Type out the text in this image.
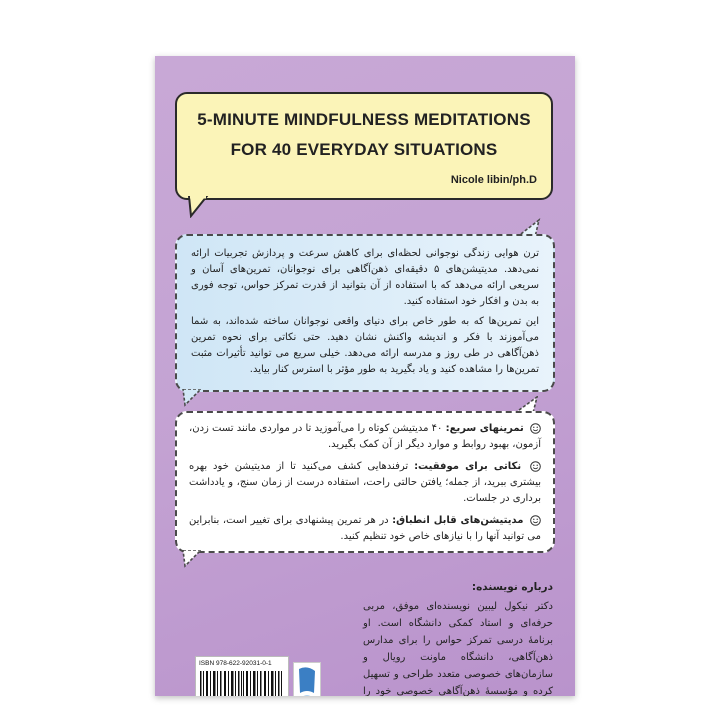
5-MINUTE MINDFULNESS MEDITATIONS
FOR 40 EVERYDAY SITUATIONS
Nicole libin/ph.D

ترن هوایی زندگی نوجوانی لحظه‌ای برای کاهش سرعت و پردازش تجربیات ارائه نمی‌دهد. مدیتیشن‌های ۵ دقیقه‌ای ذهن‌آگاهی برای نوجوانان، تمرین‌های آسان و سریعی ارائه می‌دهد که با استفاده از آن بتوانید از قدرت تمرکز حواس، توجه فوری به بدن و افکار خود استفاده کنید.

این تمرین‌ها که به طور خاص برای دنیای واقعی نوجوانان ساخته شده‌اند، به شما می‌آموزند با فکر و اندیشه واکنش نشان دهید. حتی نکاتی برای نحوه تمرین ذهن‌آگاهی در طی روز و مدرسه ارائه می‌دهد. خیلی سریع می توانید تأثیرات مثبت تمرین‌ها را مشاهده کنید و یاد بگیرید به طور مؤثر با استرس کنار بیاید.

تمرینهای سریع: ۴۰ مدیتیشن کوتاه را می‌آموزید تا در مواردی مانند تست زدن، آزمون، بهبود روابط و موارد دیگر از آن کمک بگیرید.

نکاتی برای موفقیت: ترفندهایی کشف می‌کنید تا از مدیتیشن خود بهره بیشتری ببرید، از جمله؛ یافتن حالتی راحت، استفاده درست از زمان سنج، و یادداشت برداری در جلسات.

مدیتیشن‌های قابل انطباق: در هر تمرین پیشنهادی برای تغییر است، بنابراین می توانید آنها را با نیازهای خاص خود تنظیم کنید.

درباره نویسنده:

دکتر نیکول لیبین نویسنده‌ای موفق، مربی حرفه‌ای و استاد کمکی دانشگاه است. او برنامهٔ درسی تمرکز حواس را برای مدارس ذهن‌آگاهی، دانشگاه ماونت رویال و سازمان‌های خصوصی متعدد طراحی و تسهیل کرده و مؤسسهٔ ذهن‌آگاهی خصوصی خود را

ISBN 978-622-92031-0-1
